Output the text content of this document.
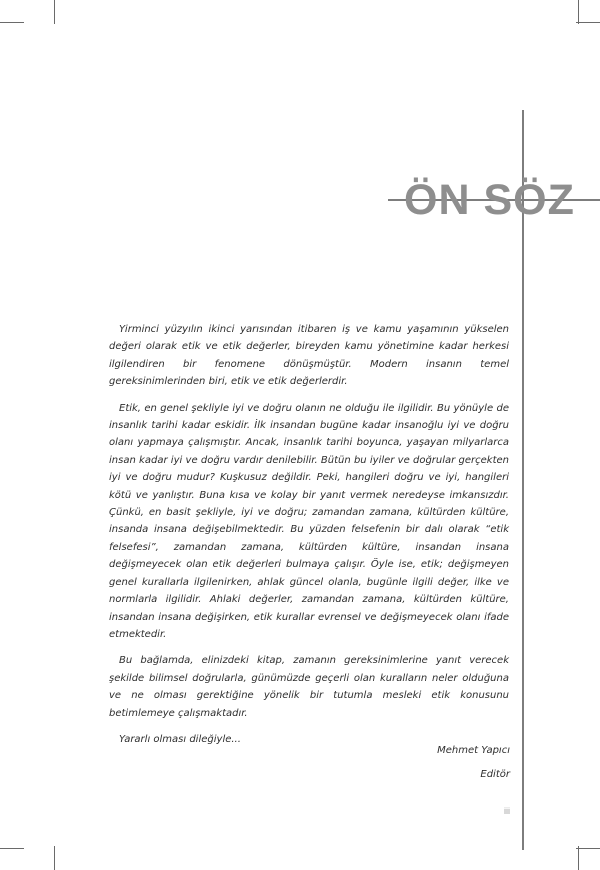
ÖN SÖZ

Yirminci yüzyılın ikinci yarısından itibaren iş ve kamu yaşamının yükselen değeri olarak etik ve etik değerler, bireyden kamu yönetimine kadar herkesi ilgilendiren bir fenomene dönüşmüştür. Modern insanın temel gereksinimlerinden biri, etik ve etik değerlerdir.

Etik, en genel şekliyle iyi ve doğru olanın ne olduğu ile ilgilidir. Bu yönüyle de insanlık tarihi kadar eskidir. İlk insandan bugüne kadar insanoğlu iyi ve doğru olanı yapmaya çalışmıştır. Ancak, insanlık tarihi boyunca, yaşayan milyarlarca insan kadar iyi ve doğru vardır denilebilir. Bütün bu iyiler ve doğrular gerçekten iyi ve doğru mudur? Kuşkusuz değildir. Peki, hangileri doğru ve iyi, hangileri kötü ve yanlıştır. Buna kısa ve kolay bir yanıt vermek neredeyse imkansızdır. Çünkü, en basit şekliyle, iyi ve doğru; zamandan zamana, kültürden kültüre, insanda insana değişebilmektedir. Bu yüzden felsefenin bir dalı olarak “etik felsefesi”, zamandan zamana, kültürden kültüre, insandan insana değişmeyecek olan etik değerleri bulmaya çalışır. Öyle ise, etik; değişmeyen genel kurallarla ilgilenirken, ahlak güncel olanla, bugünle ilgili değer, ilke ve normlarla ilgilidir. Ahlaki değerler, zamandan zamana, kültürden kültüre, insandan insana değişirken, etik kurallar evrensel ve değişmeyecek olanı ifade etmektedir.

Bu bağlamda, elinizdeki kitap, zamanın gereksinimlerine yanıt verecek şekilde bilimsel doğrularla, günümüzde geçerli olan kuralların neler olduğuna ve ne olması gerektiğine yönelik bir tutumla mesleki etik konusunu betimlemeye çalışmaktadır.

Yararlı olması dileğiyle...

Mehmet Yapıcı
Editör
iii
